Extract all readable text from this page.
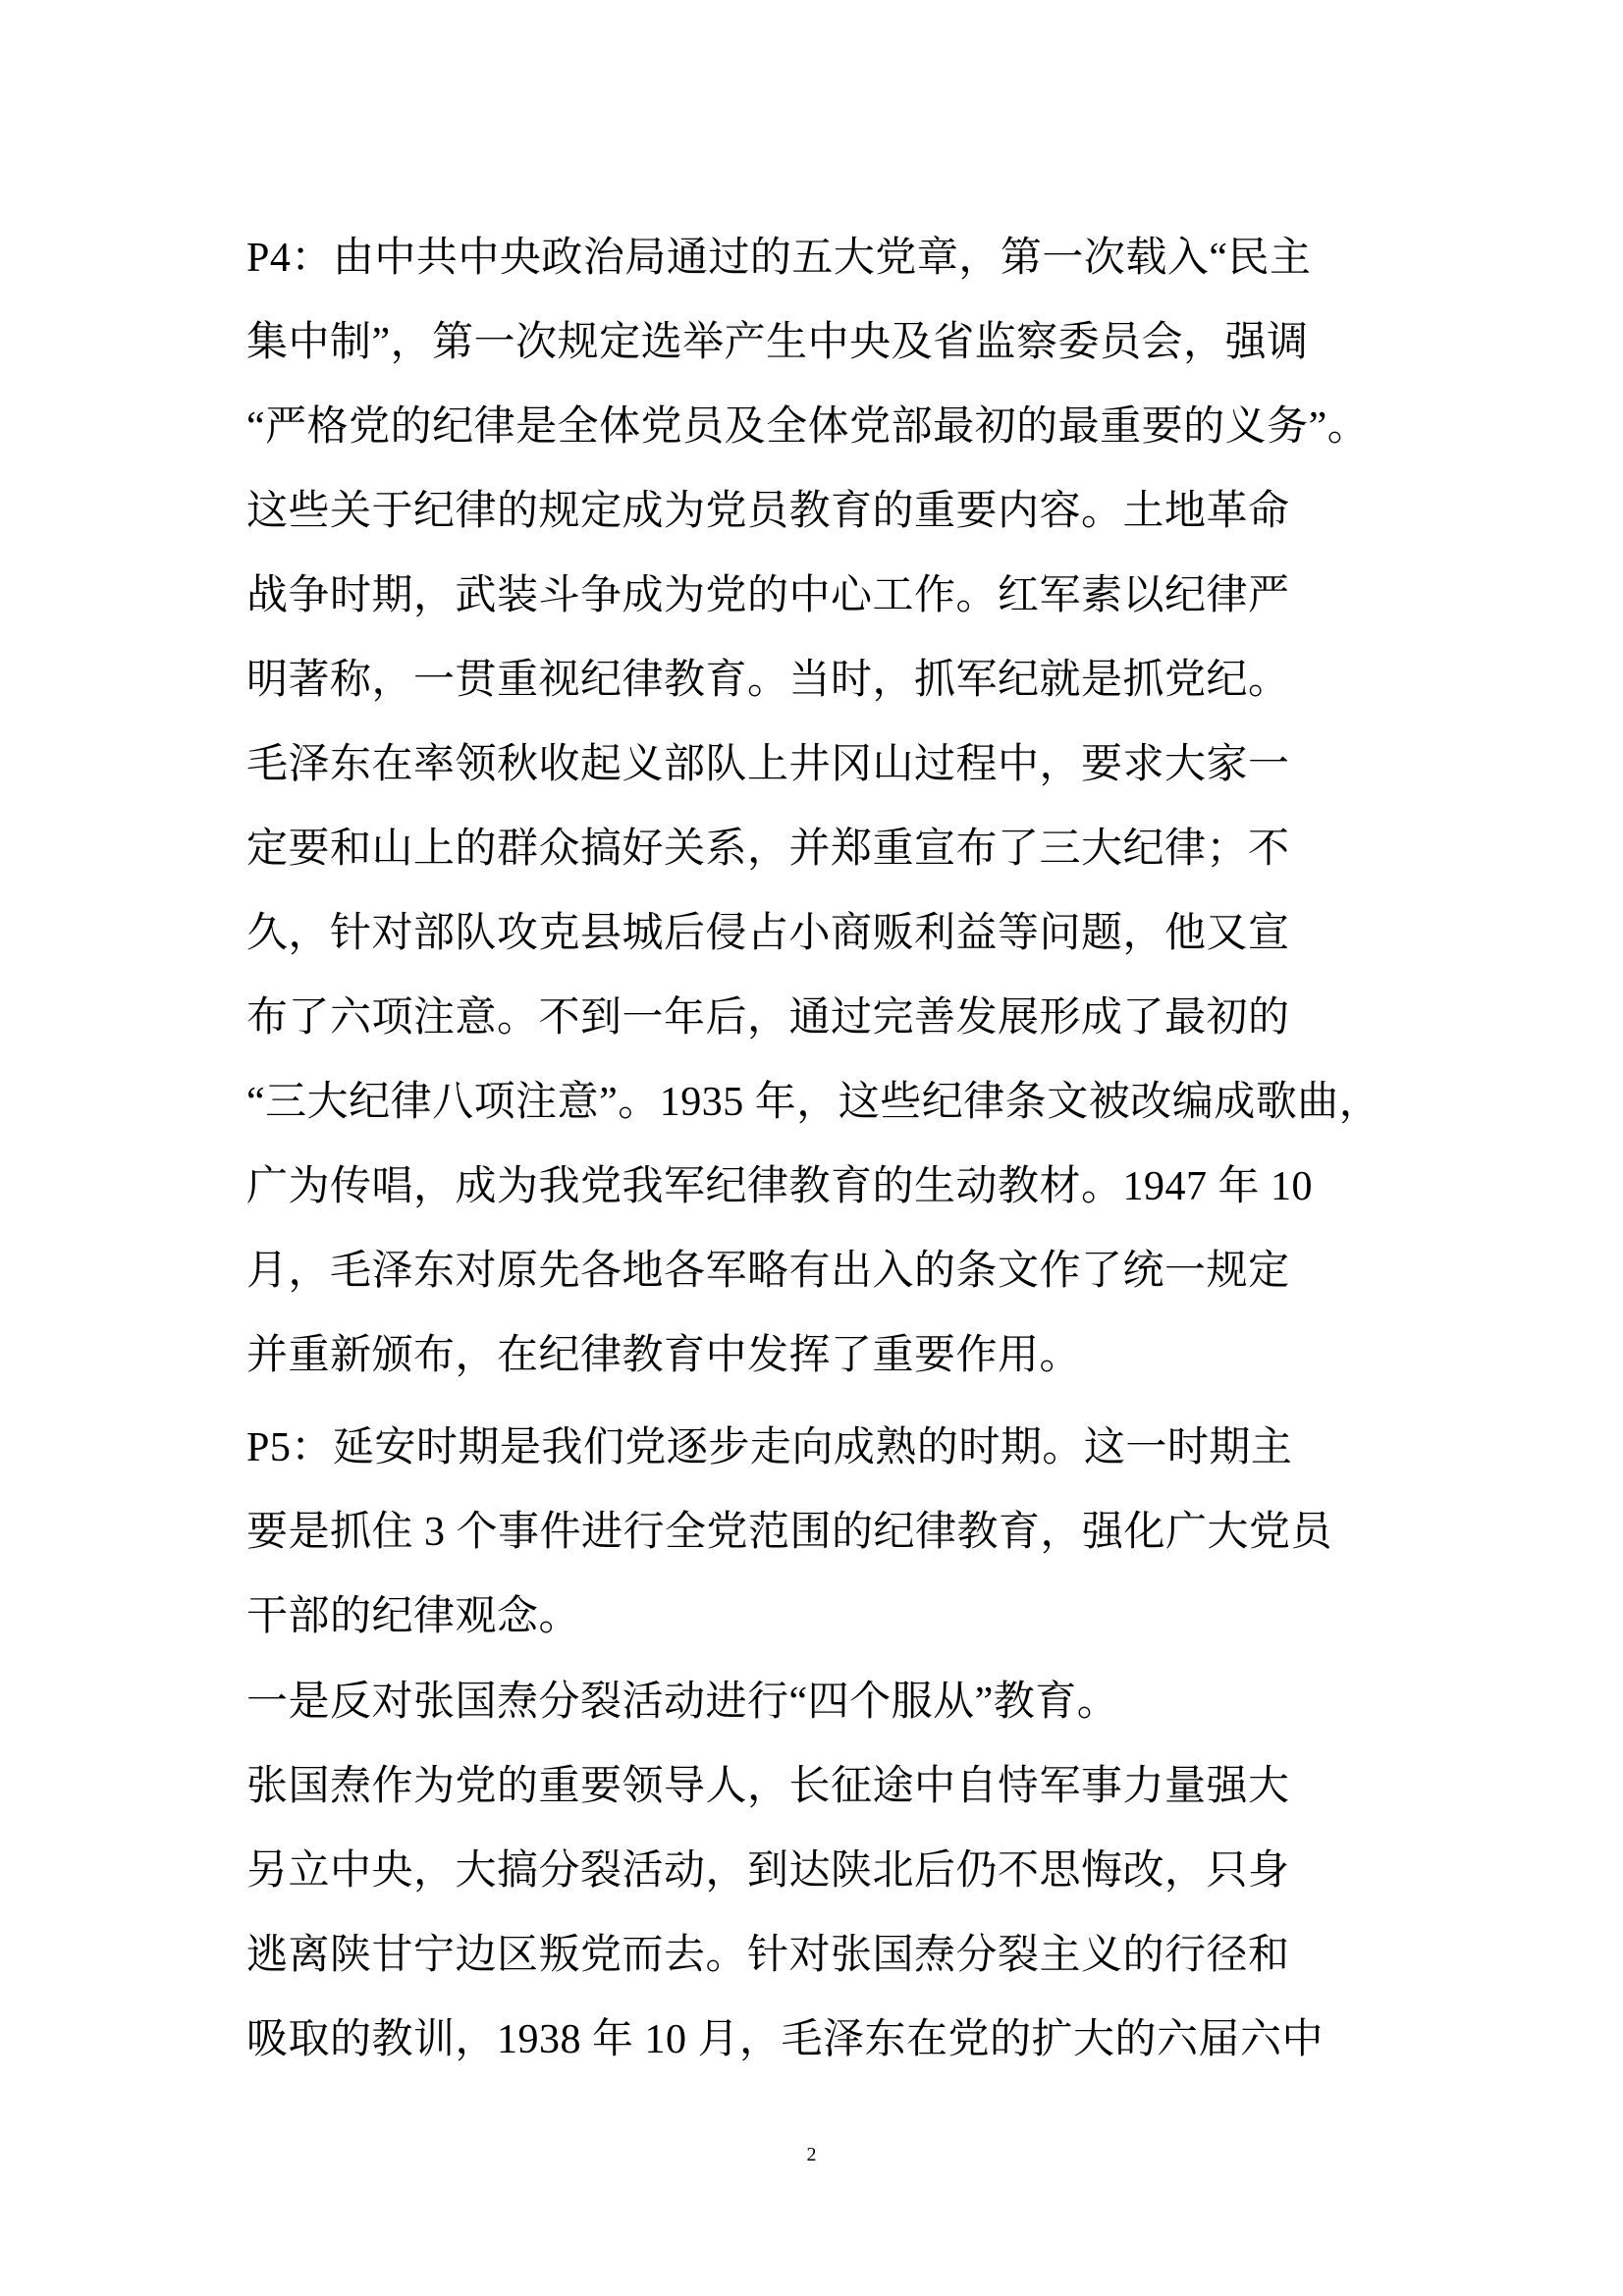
P4：由中共中央政治局通过的五大党章，第一次载入“民主
集中制”，第一次规定选举产生中央及省监察委员会，强调
“严格党的纪律是全体党员及全体党部最初的最重要的义务”。
这些关于纪律的规定成为党员教育的重要内容。土地革命
战争时期，武装斗争成为党的中心工作。红军素以纪律严
明著称，一贯重视纪律教育。当时，抓军纪就是抓党纪。
毛泽东在率领秋收起义部队上井冈山过程中，要求大家一
定要和山上的群众搞好关系，并郑重宣布了三大纪律；不
久，针对部队攻克县城后侵占小商贩利益等问题，他又宣
布了六项注意。不到一年后，通过完善发展形成了最初的
“三大纪律八项注意”。1935 年，这些纪律条文被改编成歌曲，
广为传唱，成为我党我军纪律教育的生动教材。1947 年 10
月，毛泽东对原先各地各军略有出入的条文作了统一规定
并重新颁布，在纪律教育中发挥了重要作用。
P5：延安时期是我们党逐步走向成熟的时期。这一时期主
要是抓住 3 个事件进行全党范围的纪律教育，强化广大党员
干部的纪律观念。
一是反对张国焘分裂活动进行“四个服从”教育。
张国焘作为党的重要领导人，长征途中自恃军事力量强大
另立中央，大搞分裂活动，到达陕北后仍不思悔改，只身
逃离陕甘宁边区叛党而去。针对张国焘分裂主义的行径和
吸取的教训，1938 年 10 月，毛泽东在党的扩大的六届六中
2
